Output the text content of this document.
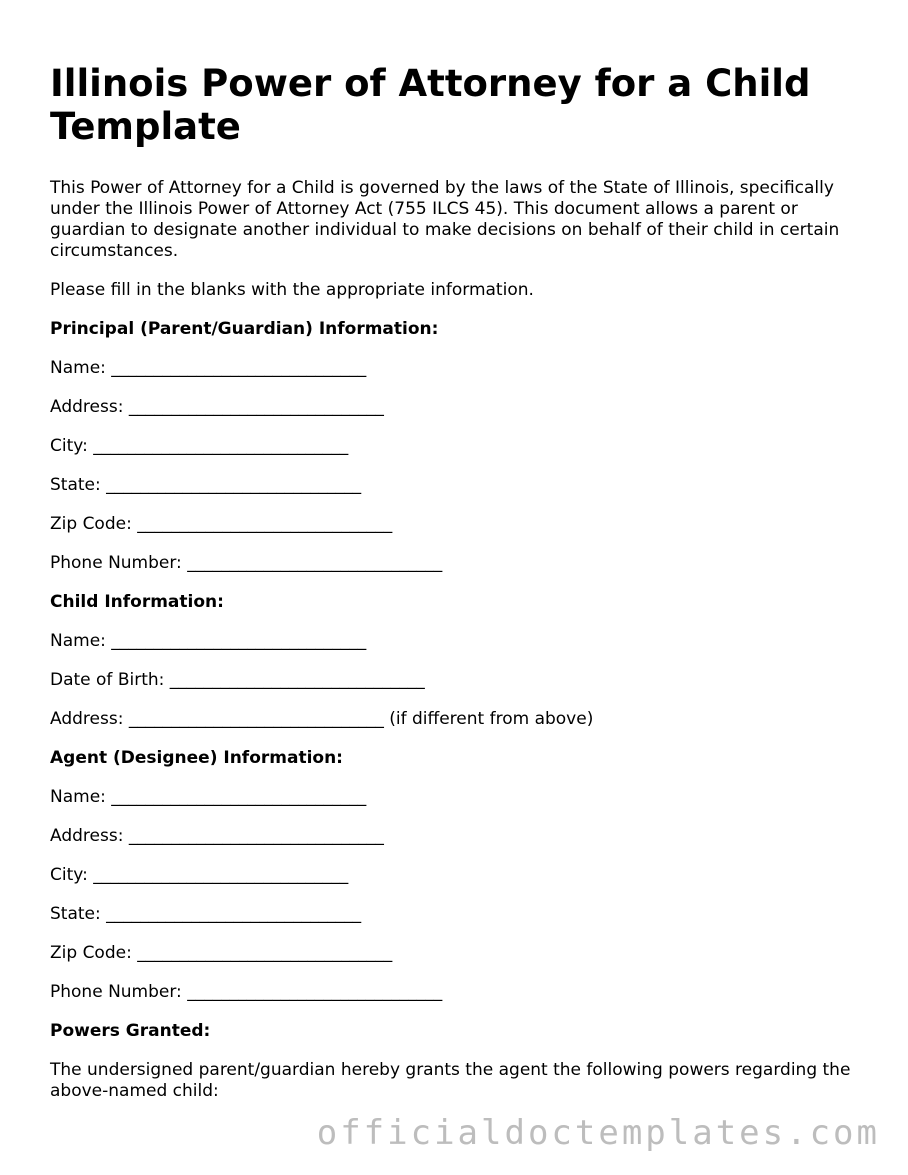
Illinois Power of Attorney for a Child Template

This Power of Attorney for a Child is governed by the laws of the State of Illinois, specifically under the Illinois Power of Attorney Act (755 ILCS 45). This document allows a parent or guardian to designate another individual to make decisions on behalf of their child in certain circumstances.

Please fill in the blanks with the appropriate information.

Principal (Parent/Guardian) Information:

Name: ______________________________

Address: ______________________________

City: ______________________________

State: ______________________________

Zip Code: ______________________________

Phone Number: ______________________________

Child Information:

Name: ______________________________

Date of Birth: ______________________________

Address: ______________________________ (if different from above)

Agent (Designee) Information:

Name: ______________________________

Address: ______________________________

City: ______________________________

State: ______________________________

Zip Code: ______________________________

Phone Number: ______________________________

Powers Granted:

The undersigned parent/guardian hereby grants the agent the following powers regarding the above-named child:

officialdoctemplates.com
